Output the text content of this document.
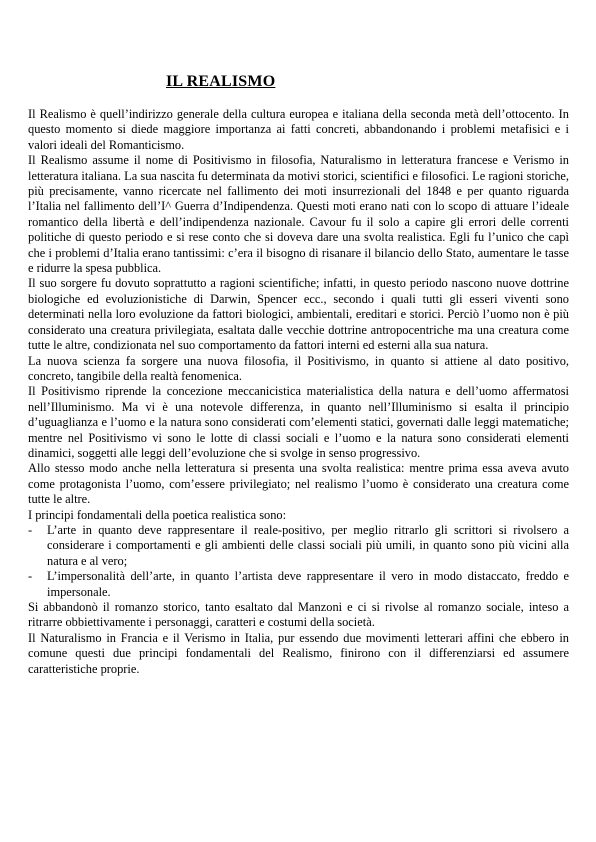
IL REALISMO

Il Realismo è quell’indirizzo generale della cultura europea e italiana della seconda metà dell’ottocento. In questo momento si diede maggiore importanza ai fatti concreti, abbandonando i problemi metafisici e i valori ideali del Romanticismo.

Il Realismo assume il nome di Positivismo in filosofia, Naturalismo in letteratura francese e Verismo in letteratura italiana. La sua nascita fu determinata da motivi storici, scientifici e filosofici. Le ragioni storiche, più precisamente, vanno ricercate nel fallimento dei moti insurrezionali del 1848 e per quanto riguarda l’Italia nel fallimento dell’I^ Guerra d’Indipendenza. Questi moti erano nati con lo scopo di attuare l’ideale romantico della libertà e dell’indipendenza nazionale. Cavour fu il solo a capire gli errori delle correnti politiche di questo periodo e si rese conto che si doveva dare una svolta realistica. Egli fu l’unico che capì che i problemi d’Italia erano tantissimi: c’era il bisogno di risanare il bilancio dello Stato, aumentare le tasse e ridurre la spesa pubblica.

Il suo sorgere fu dovuto soprattutto a ragioni scientifiche; infatti, in questo periodo nascono nuove dottrine biologiche ed evoluzionistiche di Darwin, Spencer ecc., secondo i quali tutti gli esseri viventi sono determinati nella loro evoluzione da fattori biologici, ambientali, ereditari e storici. Perciò l’uomo non è più considerato una creatura privilegiata, esaltata dalle vecchie dottrine antropocentriche ma una creatura come tutte le altre, condizionata nel suo comportamento da fattori interni ed esterni alla sua natura.

La nuova scienza fa sorgere una nuova filosofia, il Positivismo, in quanto si attiene al dato positivo, concreto, tangibile della realtà fenomenica.

Il Positivismo riprende la concezione meccanicistica materialistica della natura e dell’uomo affermatosi nell’Illuminismo. Ma vi è una notevole differenza, in quanto nell’Illuminismo si esalta il principio d’uguaglianza e l’uomo e la natura sono considerati com’elementi statici, governati dalle leggi matematiche; mentre nel Positivismo vi sono le lotte di classi sociali e l’uomo e la natura sono considerati elementi dinamici, soggetti alle leggi dell’evoluzione che si svolge in senso progressivo.

Allo stesso modo anche nella letteratura si presenta una svolta realistica: mentre prima essa aveva avuto come protagonista l’uomo, com’essere privilegiato; nel realismo l’uomo è considerato una creatura come tutte le altre.

I principi fondamentali della poetica realistica sono:

- L’arte in quanto deve rappresentare il reale-positivo, per meglio ritrarlo gli scrittori si rivolsero a considerare i comportamenti e gli ambienti delle classi sociali più umili, in quanto sono più vicini alla natura e al vero;
- L’impersonalità dell’arte, in quanto l’artista deve rappresentare il vero in modo distaccato, freddo e impersonale.

Si abbandonò il romanzo storico, tanto esaltato dal Manzoni e ci si rivolse al romanzo sociale, inteso a ritrarre obbiettivamente i personaggi, caratteri e costumi della società.

Il Naturalismo in Francia e il Verismo in Italia, pur essendo due movimenti letterari affini che ebbero in comune questi due principi fondamentali del Realismo, finirono con il differenziarsi ed assumere caratteristiche proprie.
